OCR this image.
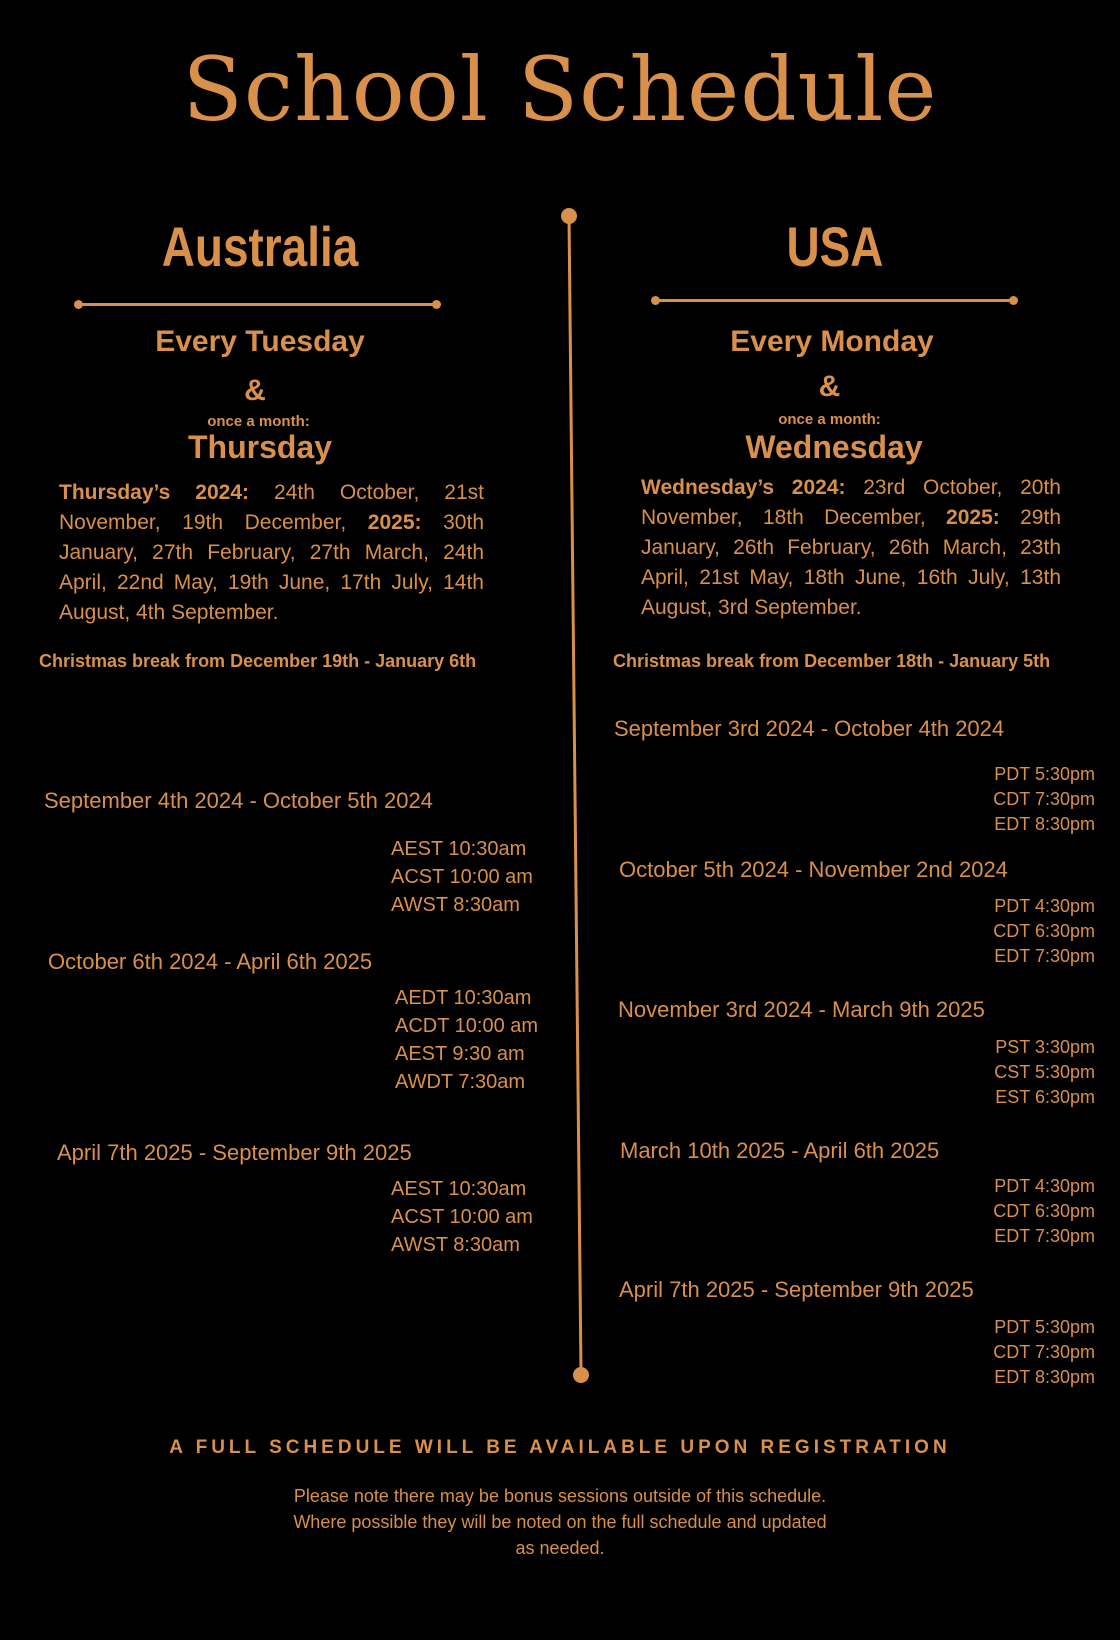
School Schedule
Australia
Every Tuesday
&
once a month:
Thursday
Thursday’s 2024: 24th October, 21st November, 19th December, 2025: 30th January, 27th February, 27th March, 24th April, 22nd May, 19th June, 17th July, 14th August, 4th September.
Christmas break from December 19th - January 6th
September 4th 2024 - October 5th 2024
AEST 10:30am
ACST 10:00 am
AWST 8:30am
October 6th 2024 - April 6th 2025
AEDT 10:30am
ACDT 10:00 am
AEST 9:30 am
AWDT 7:30am
April 7th 2025 - September 9th 2025
AEST 10:30am
ACST 10:00 am
AWST 8:30am
USA
Every Monday
&
once a month:
Wednesday
Wednesday’s 2024: 23rd October, 20th November, 18th December, 2025: 29th January, 26th February, 26th March, 23th April, 21st May, 18th June, 16th July, 13th August, 3rd September.
Christmas break from December 18th - January 5th
September 3rd 2024 - October 4th 2024
PDT 5:30pm
CDT 7:30pm
EDT 8:30pm
October 5th 2024 - November 2nd 2024
PDT 4:30pm
CDT 6:30pm
EDT 7:30pm
November 3rd 2024 - March 9th 2025
PST 3:30pm
CST 5:30pm
EST 6:30pm
March 10th 2025 - April 6th 2025
PDT 4:30pm
CDT 6:30pm
EDT 7:30pm
April 7th 2025 - September 9th 2025
PDT 5:30pm
CDT 7:30pm
EDT 8:30pm
A FULL SCHEDULE WILL BE AVAILABLE UPON REGISTRATION
Please note there may be bonus sessions outside of this schedule.
Where possible they will be noted on the full schedule and updated
as needed.
